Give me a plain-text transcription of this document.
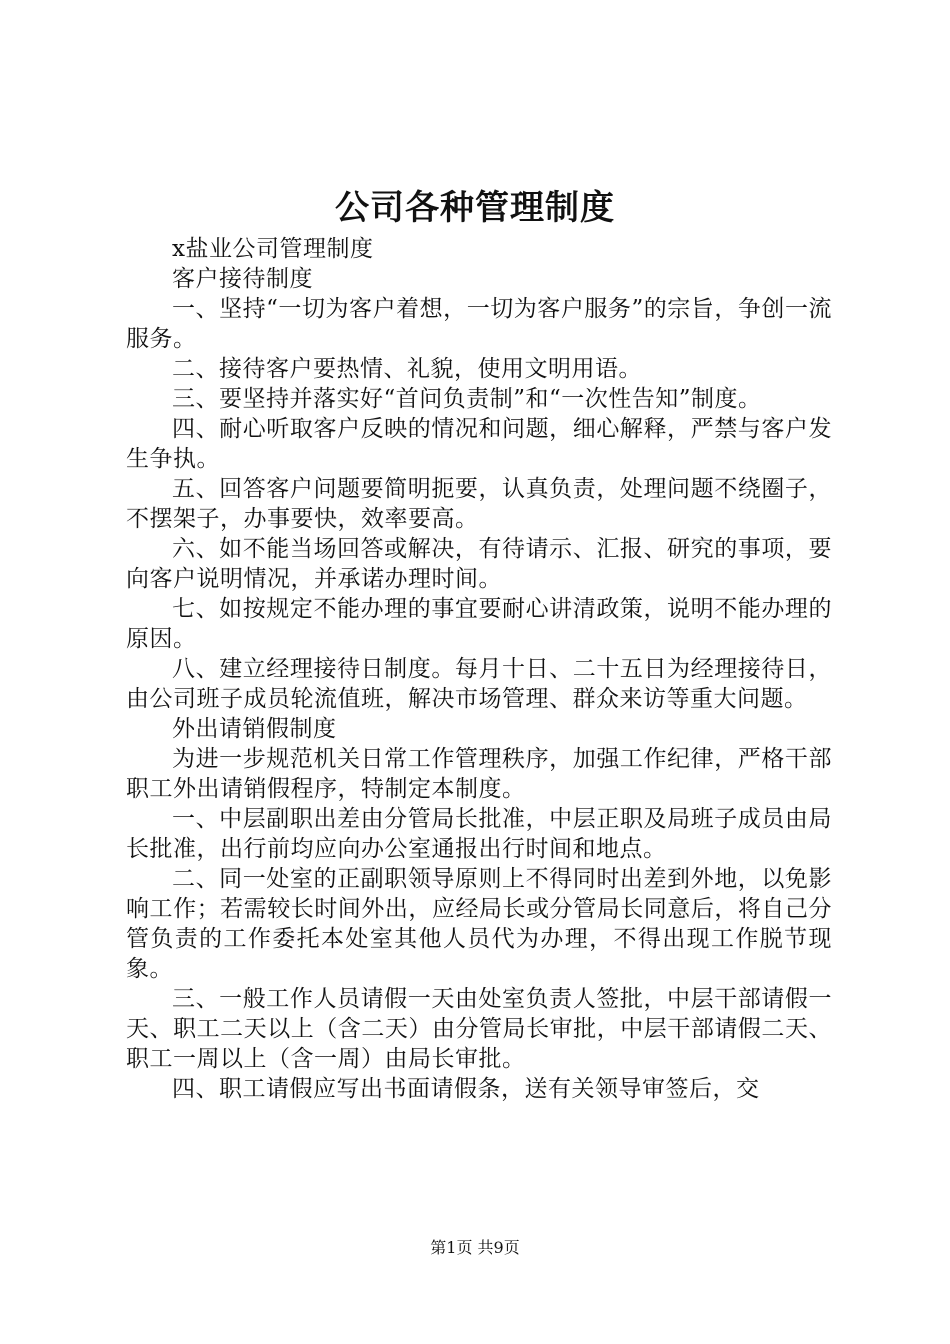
公司各种管理制度

x盐业公司管理制度

客户接待制度

一、坚持“一切为客户着想，一切为客户服务”的宗旨，争创一流服务。

二、接待客户要热情、礼貌，使用文明用语。

三、要坚持并落实好“首问负责制”和“一次性告知”制度。

四、耐心听取客户反映的情况和问题，细心解释，严禁与客户发生争执。

五、回答客户问题要简明扼要，认真负责，处理问题不绕圈子，不摆架子，办事要快，效率要高。

六、如不能当场回答或解决，有待请示、汇报、研究的事项，要向客户说明情况，并承诺办理时间。

七、如按规定不能办理的事宜要耐心讲清政策，说明不能办理的原因。

八、建立经理接待日制度。每月十日、二十五日为经理接待日，由公司班子成员轮流值班，解决市场管理、群众来访等重大问题。

外出请销假制度

为进一步规范机关日常工作管理秩序，加强工作纪律，严格干部职工外出请销假程序，特制定本制度。

一、中层副职出差由分管局长批准，中层正职及局班子成员由局长批准，出行前均应向办公室通报出行时间和地点。

二、同一处室的正副职领导原则上不得同时出差到外地，以免影响工作；若需较长时间外出，应经局长或分管局长同意后，将自己分管负责的工作委托本处室其他人员代为办理，不得出现工作脱节现象。

三、一般工作人员请假一天由处室负责人签批，中层干部请假一天、职工二天以上（含二天）由分管局长审批，中层干部请假二天、职工一周以上（含一周）由局长审批。

四、职工请假应写出书面请假条，送有关领导审签后，交

第1页 共9页
